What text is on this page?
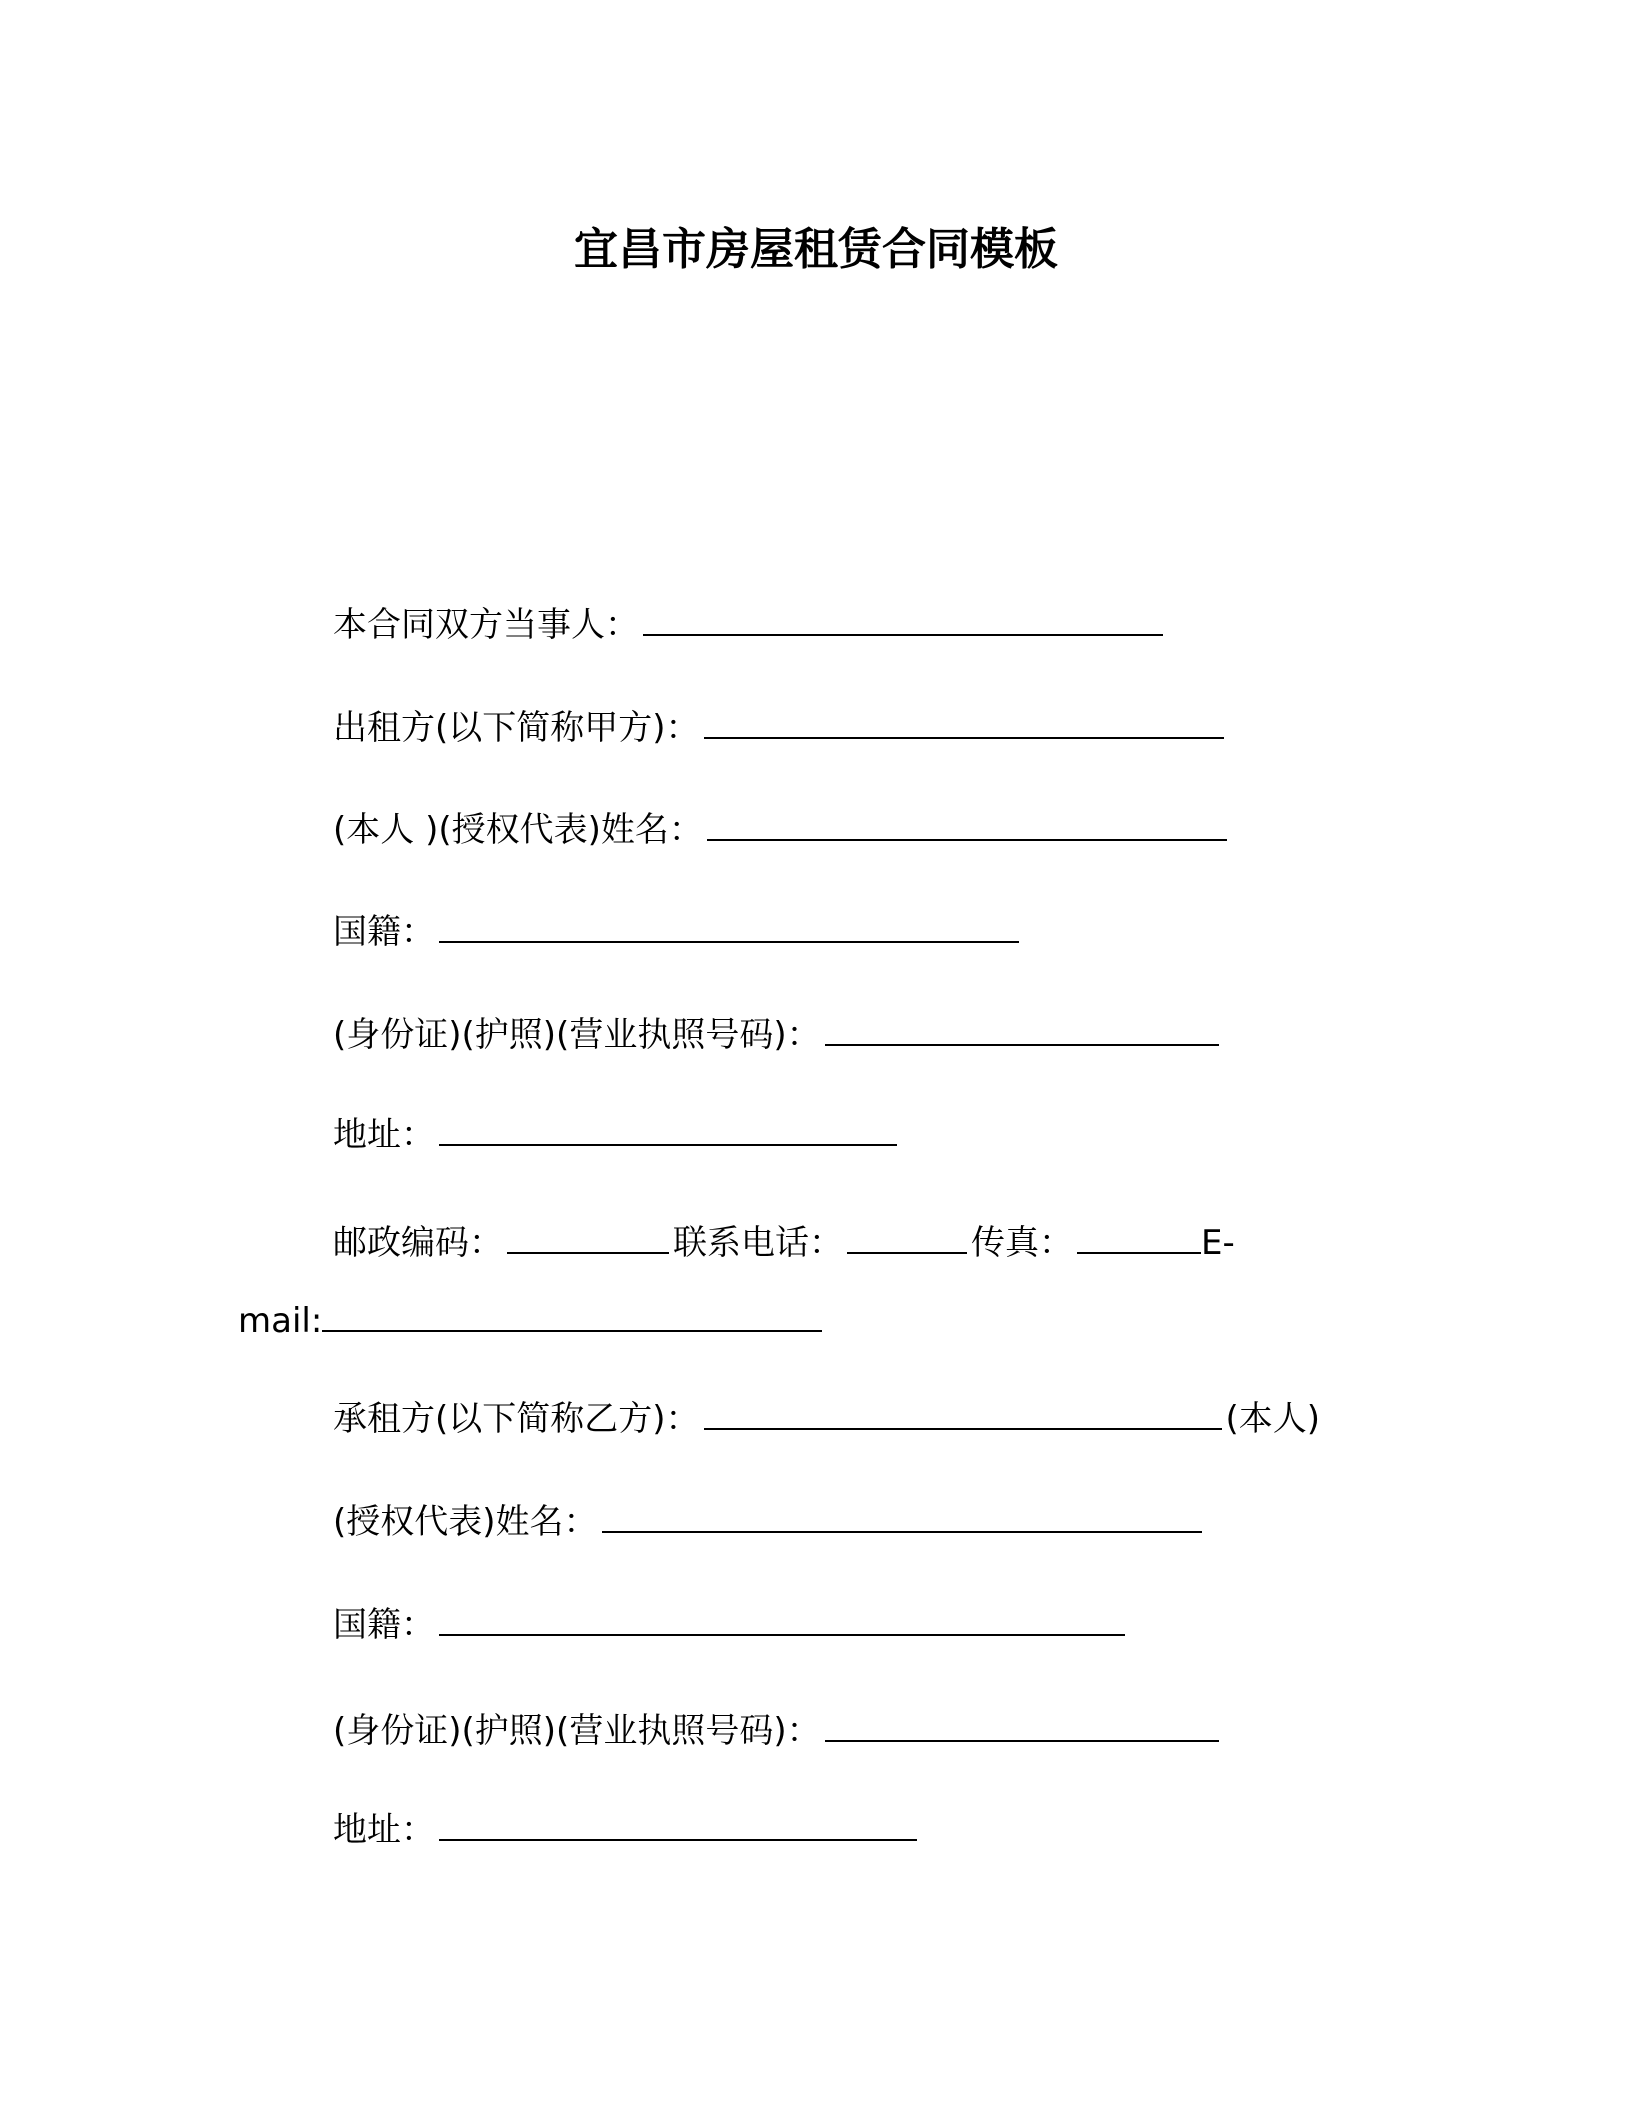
宜昌市房屋租赁合同模板
本合同双方当事人：
出租方(以下简称甲方)：
(本人 )(授权代表)姓名：
国籍：
(身份证)(护照)(营业执照号码)：
地址：
邮政编码：	联系电话：	传真：	E-
mail:
承租方(以下简称乙方)：	(本人)
(授权代表)姓名：
国籍：
(身份证)(护照)(营业执照号码)：
地址：
